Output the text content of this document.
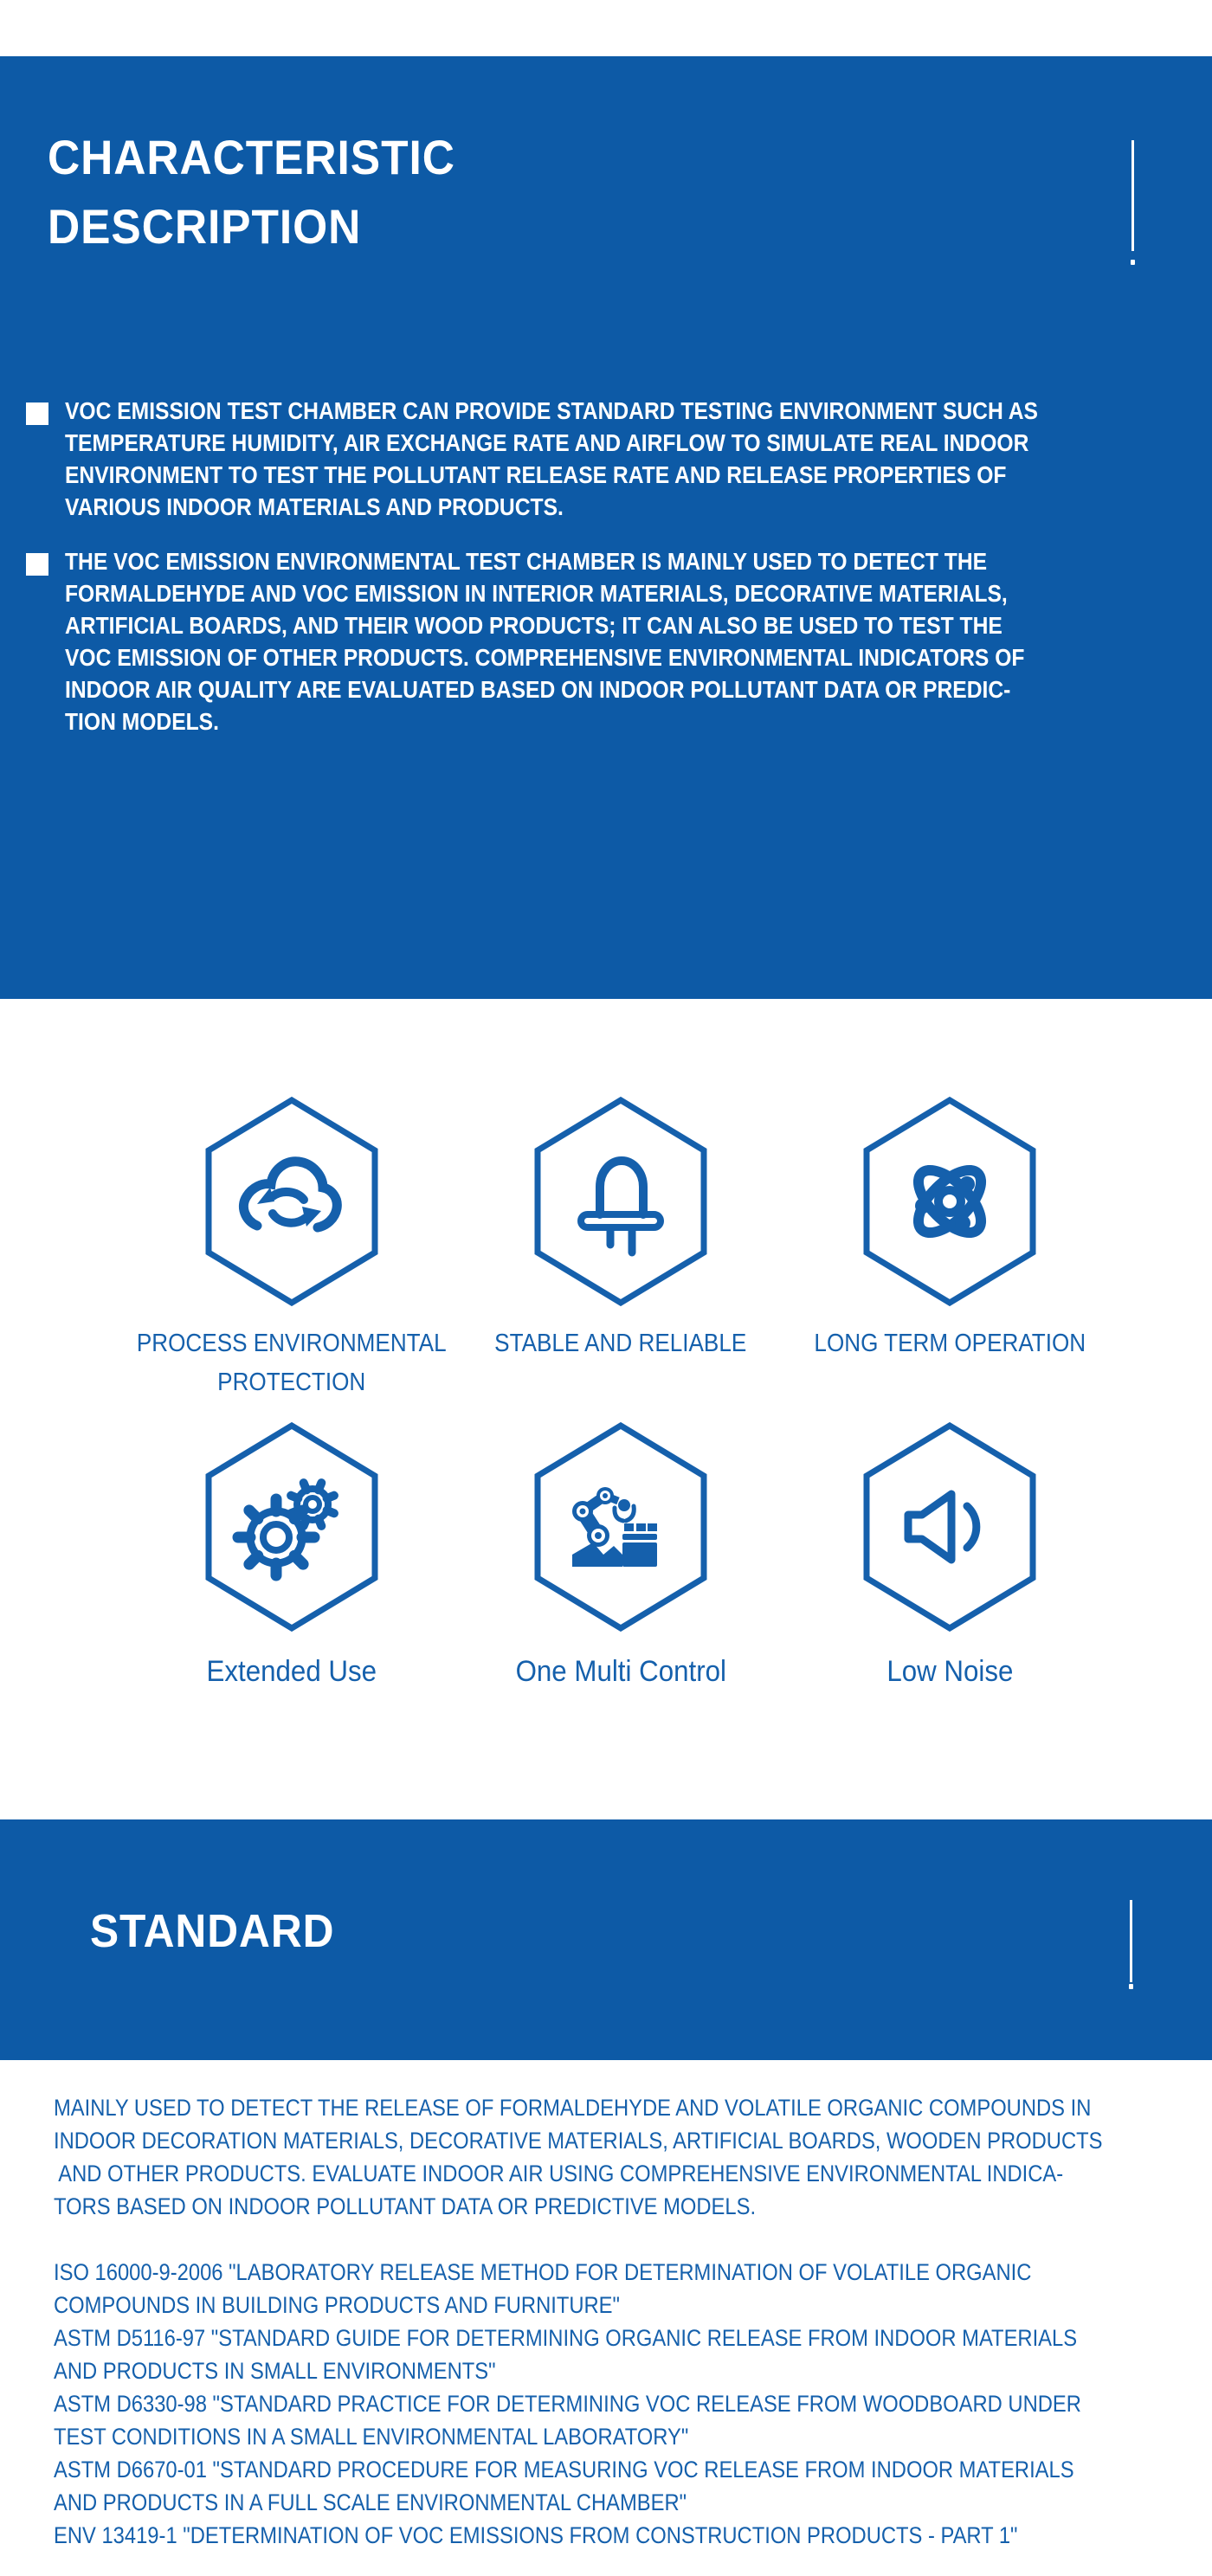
CHARACTERISTIC
DESCRIPTION
VOC EMISSION TEST CHAMBER CAN PROVIDE STANDARD TESTING ENVIRONMENT SUCH AS
TEMPERATURE HUMIDITY, AIR EXCHANGE RATE AND AIRFLOW TO SIMULATE REAL INDOOR
ENVIRONMENT TO TEST THE POLLUTANT RELEASE RATE AND RELEASE PROPERTIES OF
VARIOUS INDOOR MATERIALS AND PRODUCTS.
THE VOC EMISSION ENVIRONMENTAL TEST CHAMBER IS MAINLY USED TO DETECT THE
FORMALDEHYDE AND VOC EMISSION IN INTERIOR MATERIALS, DECORATIVE MATERIALS,
ARTIFICIAL BOARDS, AND THEIR WOOD PRODUCTS; IT CAN ALSO BE USED TO TEST THE
VOC EMISSION OF OTHER PRODUCTS. COMPREHENSIVE ENVIRONMENTAL INDICATORS OF
INDOOR AIR QUALITY ARE EVALUATED BASED ON INDOOR POLLUTANT DATA OR PREDIC-
TION MODELS.
PROCESS ENVIRONMENTAL
PROTECTION
STABLE AND RELIABLE	LONG TERM OPERATION
Extended Use	One Multi Control	Low Noise
STANDARD
MAINLY USED TO DETECT THE RELEASE OF FORMALDEHYDE AND VOLATILE ORGANIC COMPOUNDS IN
INDOOR DECORATION MATERIALS, DECORATIVE MATERIALS, ARTIFICIAL BOARDS, WOODEN PRODUCTS
AND OTHER PRODUCTS. EVALUATE INDOOR AIR USING COMPREHENSIVE ENVIRONMENTAL INDICA-
TORS BASED ON INDOOR POLLUTANT DATA OR PREDICTIVE MODELS.
ISO 16000-9-2006 "LABORATORY RELEASE METHOD FOR DETERMINATION OF VOLATILE ORGANIC
COMPOUNDS IN BUILDING PRODUCTS AND FURNITURE"
ASTM D5116-97 "STANDARD GUIDE FOR DETERMINING ORGANIC RELEASE FROM INDOOR MATERIALS
AND PRODUCTS IN SMALL ENVIRONMENTS"
ASTM D6330-98 "STANDARD PRACTICE FOR DETERMINING VOC RELEASE FROM WOODBOARD UNDER
TEST CONDITIONS IN A SMALL ENVIRONMENTAL LABORATORY"
ASTM D6670-01 "STANDARD PROCEDURE FOR MEASURING VOC RELEASE FROM INDOOR MATERIALS
AND PRODUCTS IN A FULL SCALE ENVIRONMENTAL CHAMBER"
ENV 13419-1 "DETERMINATION OF VOC EMISSIONS FROM CONSTRUCTION PRODUCTS - PART 1"
